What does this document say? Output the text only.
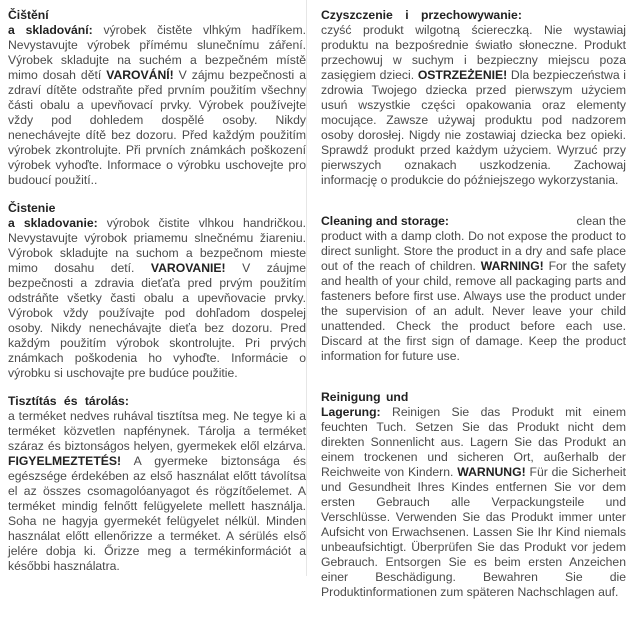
Čištění

a skladování: výrobek čistěte vlhkým hadříkem. Nevystavujte výrobek přímému slunečnímu záření. Výrobek skladujte na suchém a bezpečném místě mimo dosah dětí VAROVÁNÍ! V zájmu bezpečnosti a zdraví dítěte odstraňte před prvním použitím všechny části obalu a upevňovací prvky. Výrobek používejte vždy pod dohledem dospělé osoby. Nikdy nenechávejte dítě bez dozoru. Před každým použitím výrobek zkontrolujte. Při prvních známkách poškození výrobek vyhoďte. Informace o výrobku uschovejte pro budoucí použití..

Čistenie

a skladovanie: výrobok čistite vlhkou handričkou. Nevystavujte výrobok priamemu slnečnému žiareniu. Výrobok skladujte na suchom a bezpečnom mieste mimo dosahu detí. VAROVANIE! V záujme bezpečnosti a zdravia dieťaťa pred prvým použitím odstráňte všetky časti obalu a upevňovacie prvky. Výrobok vždy používajte pod dohľadom dospelej osoby. Nikdy nenechávajte dieťa bez dozoru. Pred každým použitím výrobok skontrolujte. Pri prvých známkach poškodenia ho vyhoďte. Informácie o výrobku si uschovajte pre budúce použitie.

Tisztítás és tárolás:

a terméket nedves ruhával tisztítsa meg. Ne tegye ki a terméket közvetlen napfénynek. Tárolja a terméket száraz és biztonságos helyen, gyermekek elől elzárva. FIGYELMEZTETÉS! A gyermeke biztonsága és egészsége érdekében az első használat előtt távolítsa el az összes csomagolóanyagot és rögzítőelemet. A terméket mindig felnőtt felügyelete mellett használja. Soha ne hagyja gyermekét felügyelet nélkül. Minden használat előtt ellenőrizze a terméket. A sérülés első jelére dobja ki. Őrizze meg a termékinformációt a későbbi használatra.

Czyszczenie i przechowywanie:

czyść produkt wilgotną ściereczką. Nie wystawiaj produktu na bezpośrednie światło słoneczne. Produkt przechowuj w suchym i bezpieczny miejscu poza zasięgiem dzieci. OSTRZEŻENIE! Dla bezpieczeństwa i zdrowia Twojego dziecka przed pierwszym użyciem usuń wszystkie części opakowania oraz elementy mocujące. Zawsze używaj produktu pod nadzorem osoby dorosłej. Nigdy nie zostawiaj dziecka bez opieki. Sprawdź produkt przed każdym użyciem. Wyrzuć przy pierwszych oznakach uszkodzenia. Zachowaj informację o produkcie do późniejszego wykorzystania.

Cleaning and storage:	clean the

product with a damp cloth. Do not expose the product to direct sunlight. Store the product in a dry and safe place out of the reach of children. WARNING! For the safety and health of your child, remove all packaging parts and fasteners before first use. Always use the product under the supervision of an adult. Never leave your child unattended. Check the product before each use. Discard at the first sign of damage. Keep the product information for future use.

Reinigung und

Lagerung: Reinigen Sie das Produkt mit einem feuchten Tuch. Setzen Sie das Produkt nicht dem direkten Sonnenlicht aus. Lagern Sie das Produkt an einem trockenen und sicheren Ort, außerhalb der Reichweite von Kindern. WARNUNG! Für die Sicherheit und Gesundheit Ihres Kindes entfernen Sie vor dem ersten Gebrauch alle Verpackungsteile und Verschlüsse. Verwenden Sie das Produkt immer unter Aufsicht von Erwachsenen. Lassen Sie Ihr Kind niemals unbeaufsichtigt. Überprüfen Sie das Produkt vor jedem Gebrauch. Entsorgen Sie es beim ersten Anzeichen einer Beschädigung. Bewahren Sie die Produktinformationen zum späteren Nachschlagen auf.
